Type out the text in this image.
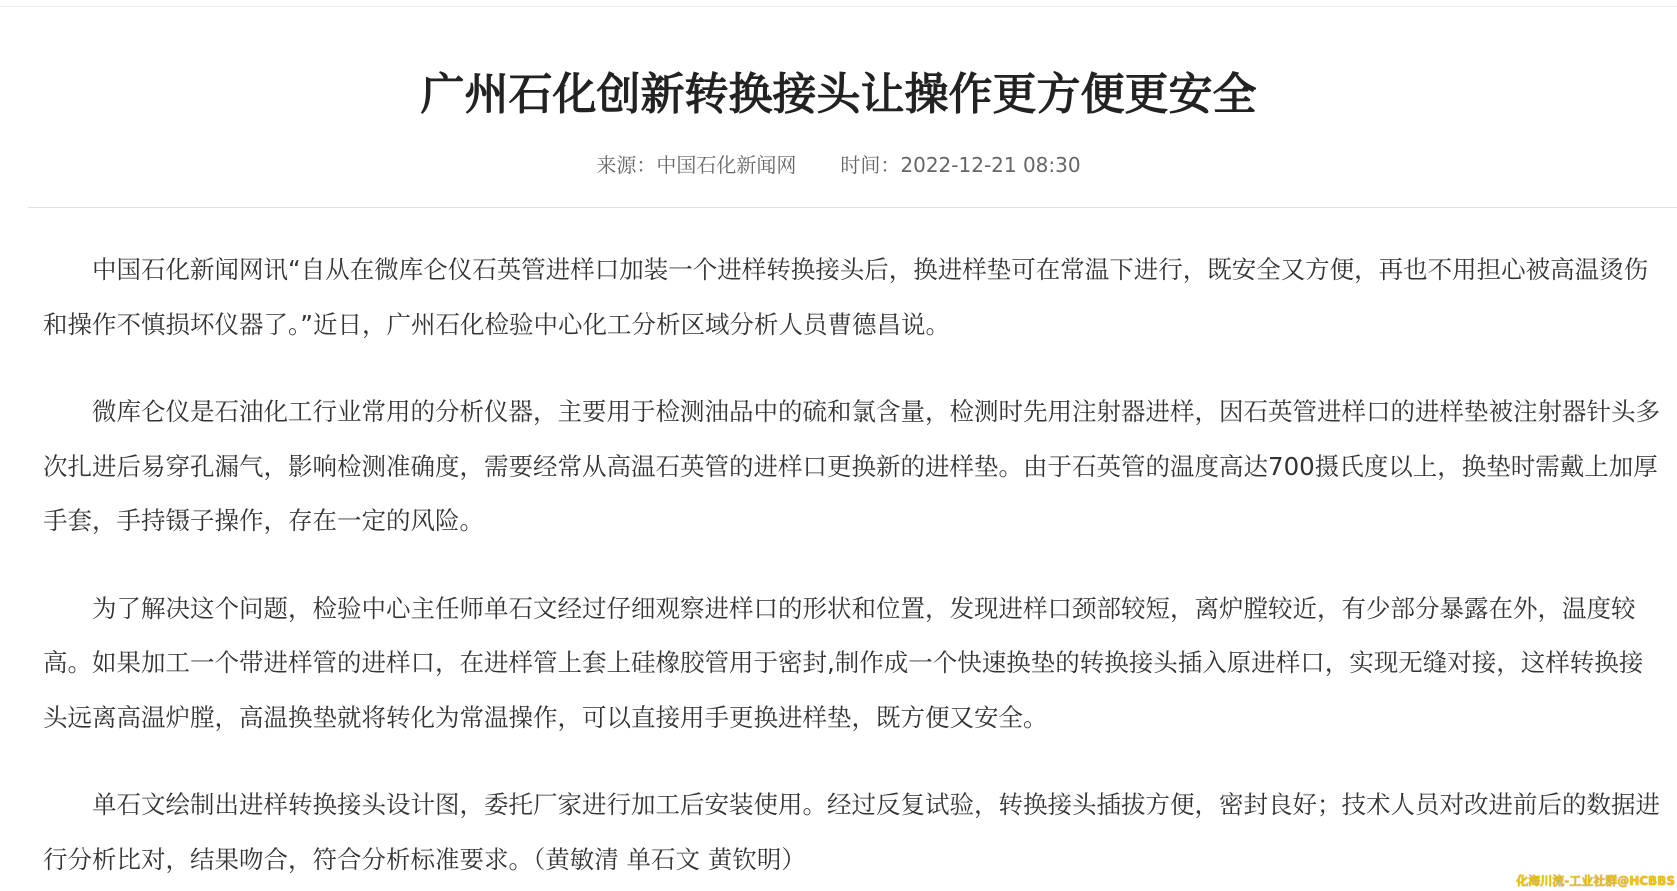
广州石化创新转换接头让操作更方便更安全
来源：中国石化新闻网 时间：2022-12-21 08:30

中国石化新闻网讯“自从在微库仑仪石英管进样口加装一个进样转换接头后，换进样垫可在常温下进行，既安全又方便，再也不用担心被高温烫伤和操作不慎损坏仪器了。”近日，广州石化检验中心化工分析区域分析人员曹德昌说。

微库仑仪是石油化工行业常用的分析仪器，主要用于检测油品中的硫和氯含量，检测时先用注射器进样，因石英管进样口的进样垫被注射器针头多次扎进后易穿孔漏气，影响检测准确度，需要经常从高温石英管的进样口更换新的进样垫。由于石英管的温度高达700摄氏度以上，换垫时需戴上加厚手套，手持镊子操作，存在一定的风险。

为了解决这个问题，检验中心主任师单石文经过仔细观察进样口的形状和位置，发现进样口颈部较短，离炉膛较近，有少部分暴露在外，温度较高。如果加工一个带进样管的进样口，在进样管上套上硅橡胶管用于密封,制作成一个快速换垫的转换接头插入原进样口，实现无缝对接，这样转换接头远离高温炉膛，高温换垫就将转化为常温操作，可以直接用手更换进样垫，既方便又安全。

单石文绘制出进样转换接头设计图，委托厂家进行加工后安装使用。经过反复试验，转换接头插拔方便，密封良好；技术人员对改进前后的数据进行分析比对，结果吻合，符合分析标准要求。（黄敏清 单石文 黄钦明）

化海川流-工业社群@HCBBS
